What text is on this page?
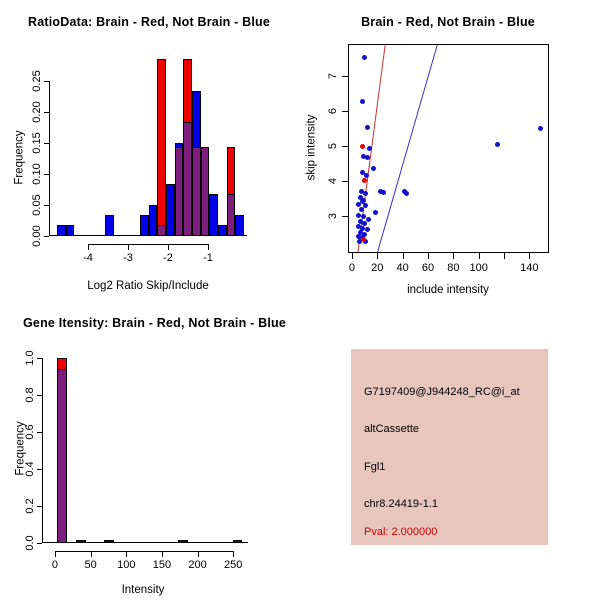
RatioData: Brain - Red, Not Brain - Blue
0.00
0.05
0.10
0.15
0.20
0.25
-4	-3	-2	-1
Log2 Ratio Skip/Include
Frequency
Brain - Red, Not Brain - Blue
0	20	40	60	80 100	140
3
4
5
6
7
include intensity
skip intensity
Gene Itensity: Brain - Red, Not Brain - Blue
0.0
0.2
0.4
0.6
0.8
1.0
0	50	100	150	200	250
Intensity
Frequency
G7197409@J944248_RC@i_at
altCassette
Fgl1
chr8.24419-1.1
Pval: 2.000000
